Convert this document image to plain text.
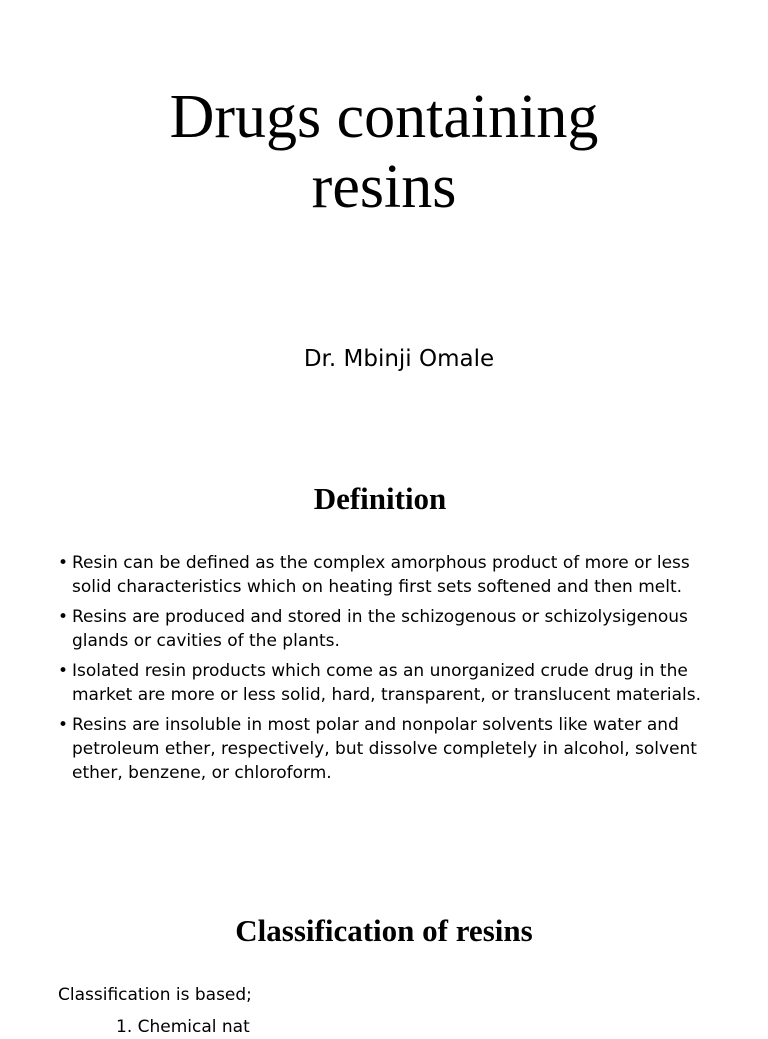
Drugs containing
resins

Dr. Mbinji Omale

Definition
• Resin can be defined as the complex amorphous product of more or less solid characteristics which on heating first sets softened and then melt.
• Resins are produced and stored in the schizogenous or schizolysigenous glands or cavities of the plants.
• Isolated resin products which come as an unorganized crude drug in the market are more or less solid, hard, transparent, or translucent materials.
• Resins are insoluble in most polar and nonpolar solvents like water and petroleum ether, respectively, but dissolve completely in alcohol, solvent ether, benzene, or chloroform.
Classification of resins

Classification is based;

1. Chemical nat
